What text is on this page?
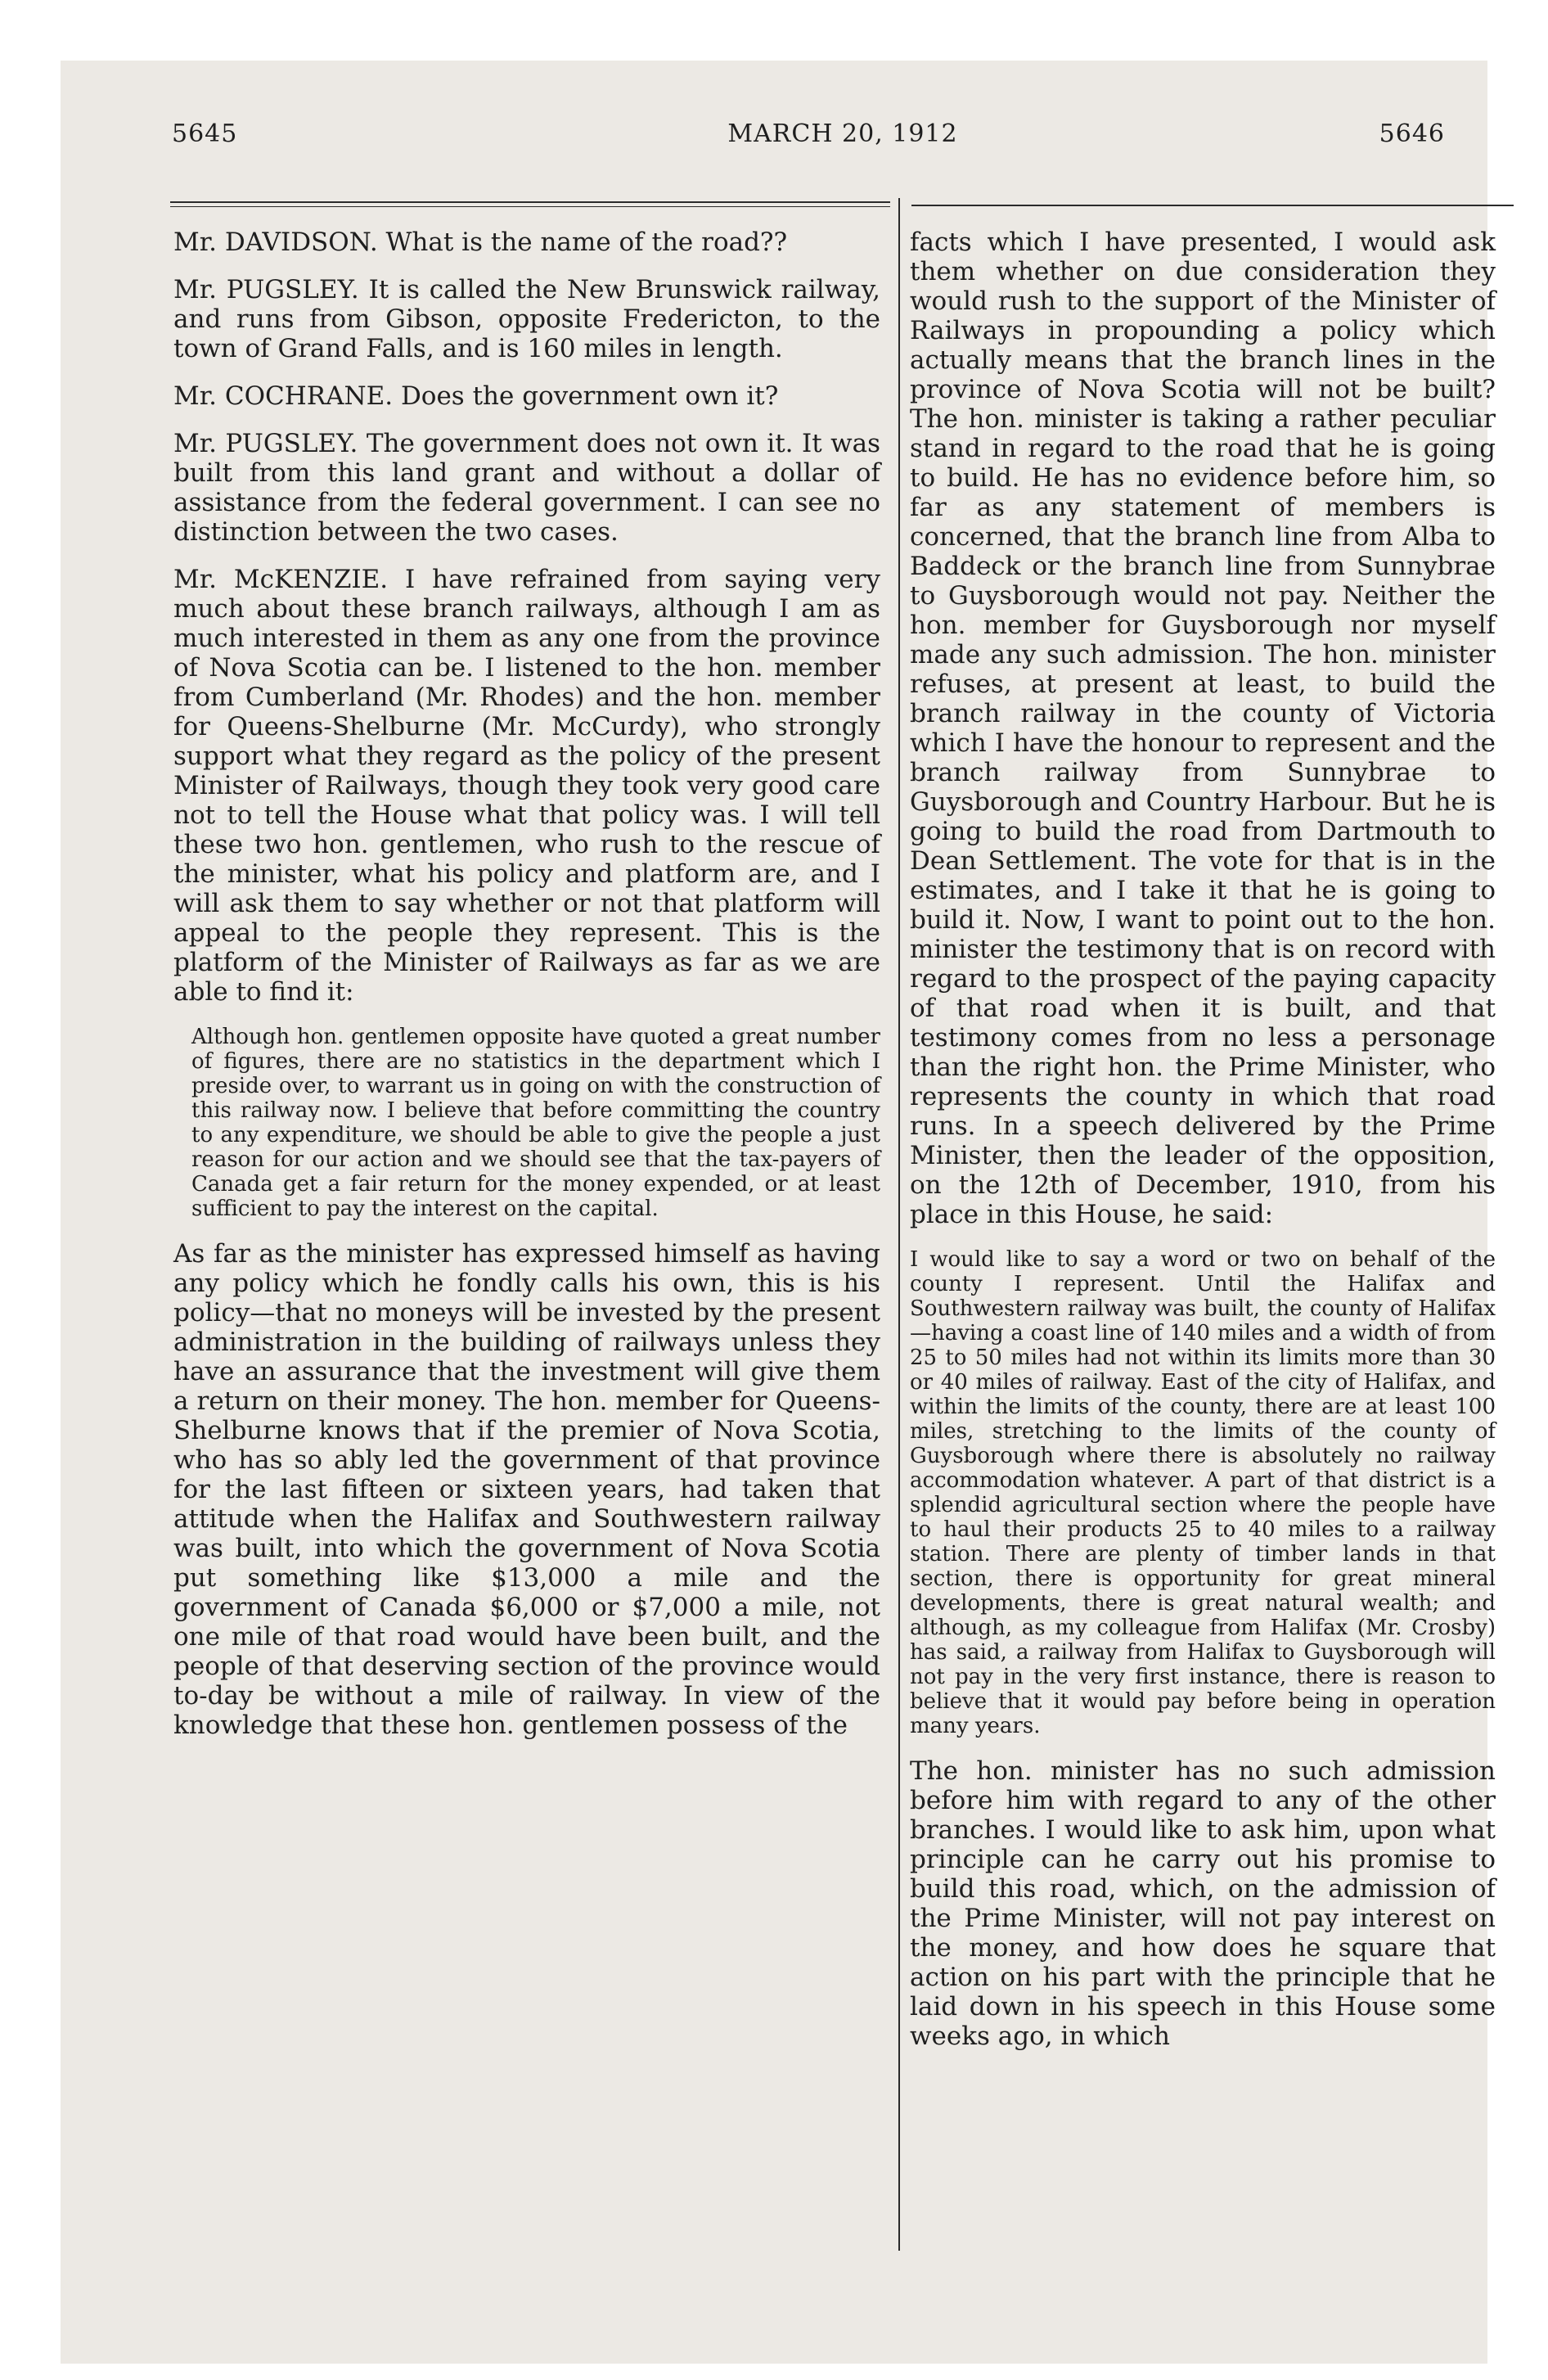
5645	MARCH 20, 1912	5646

Mr. DAVIDSON. What is the name of the road??

Mr. PUGSLEY. It is called the New Brunswick railway, and runs from Gibson, opposite Fredericton, to the town of Grand Falls, and is 160 miles in length.

Mr. COCHRANE. Does the government own it?

Mr. PUGSLEY. The government does not own it. It was built from this land grant and without a dollar of assistance from the federal government. I can see no distinction between the two cases.

Mr. McKENZIE. I have refrained from saying very much about these branch railways, although I am as much interested in them as any one from the province of Nova Scotia can be. I listened to the hon. member from Cumberland (Mr. Rhodes) and the hon. member for Queens-Shelburne (Mr. McCurdy), who strongly support what they regard as the policy of the present Minister of Railways, though they took very good care not to tell the House what that policy was. I will tell these two hon. gentlemen, who rush to the rescue of the minister, what his policy and platform are, and I will ask them to say whether or not that platform will appeal to the people they represent. This is the platform of the Minister of Railways as far as we are able to find it:

Although hon. gentlemen opposite have quoted a great number of figures, there are no statistics in the department which I preside over, to warrant us in going on with the construction of this railway now. I believe that before committing the country to any expenditure, we should be able to give the people a just reason for our action and we should see that the tax-payers of Canada get a fair return for the money expended, or at least sufficient to pay the interest on the capital.

As far as the minister has expressed himself as having any policy which he fondly calls his own, this is his policy—that no moneys will be invested by the present administration in the building of railways unless they have an assurance that the investment will give them a return on their money. The hon. member for Queens-Shelburne knows that if the premier of Nova Scotia, who has so ably led the government of that province for the last fifteen or sixteen years, had taken that attitude when the Halifax and Southwestern railway was built, into which the government of Nova Scotia put something like $13,000 a mile and the government of Canada $6,000 or $7,000 a mile, not one mile of that road would have been built, and the people of that deserving section of the province would to-day be without a mile of railway. In view of the knowledge that these hon. gentlemen possess of the

facts which I have presented, I would ask them whether on due consideration they would rush to the support of the Minister of Railways in propounding a policy which actually means that the branch lines in the province of Nova Scotia will not be built? The hon. minister is taking a rather peculiar stand in regard to the road that he is going to build. He has no evidence before him, so far as any statement of members is concerned, that the branch line from Alba to Baddeck or the branch line from Sunnybrae to Guysborough would not pay. Neither the hon. member for Guysborough nor myself made any such admission. The hon. minister refuses, at present at least, to build the branch railway in the county of Victoria which I have the honour to represent and the branch railway from Sunnybrae to Guysborough and Country Harbour. But he is going to build the road from Dartmouth to Dean Settlement. The vote for that is in the estimates, and I take it that he is going to build it. Now, I want to point out to the hon. minister the testimony that is on record with regard to the prospect of the paying capacity of that road when it is built, and that testimony comes from no less a personage than the right hon. the Prime Minister, who represents the county in which that road runs. In a speech delivered by the Prime Minister, then the leader of the opposition, on the 12th of December, 1910, from his place in this House, he said:

I would like to say a word or two on behalf of the county I represent. Until the Halifax and Southwestern railway was built, the county of Halifax—having a coast line of 140 miles and a width of from 25 to 50 miles had not within its limits more than 30 or 40 miles of railway. East of the city of Halifax, and within the limits of the county, there are at least 100 miles, stretching to the limits of the county of Guysborough where there is absolutely no railway accommodation whatever. A part of that district is a splendid agricultural section where the people have to haul their products 25 to 40 miles to a railway station. There are plenty of timber lands in that section, there is opportunity for great mineral developments, there is great natural wealth; and although, as my colleague from Halifax (Mr. Crosby) has said, a railway from Halifax to Guysborough will not pay in the very first instance, there is reason to believe that it would pay before being in operation many years.

The hon. minister has no such admission before him with regard to any of the other branches. I would like to ask him, upon what principle can he carry out his promise to build this road, which, on the admission of the Prime Minister, will not pay interest on the money, and how does he square that action on his part with the principle that he laid down in his speech in this House some weeks ago, in which
